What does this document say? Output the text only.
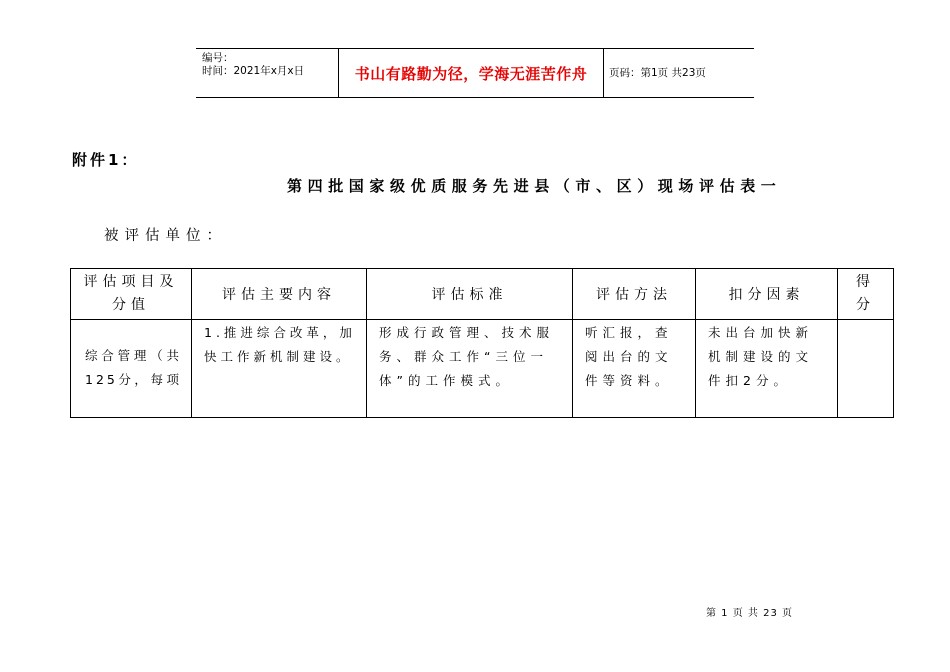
编号：
时间：2021年x月x日	书山有路勤为径，学海无涯苦作舟 页码：第1页 共23页
附件1：
第四批国家级优质服务先进县（市、区）现场评估表一
被评估单位：
评估项目及分值	评估主要内容	评估标准	评估方法	扣分因素	得分

综合管理（共125分，每项	1.推进综合改革，加快工作新机制建设。	形成行政管理、技术服务、群众工作“三位一体”的工作模式。	听汇报，查阅出台的文件等资料。	未出台加快新机制建设的文件扣2分。	

第 1 页 共 23 页
